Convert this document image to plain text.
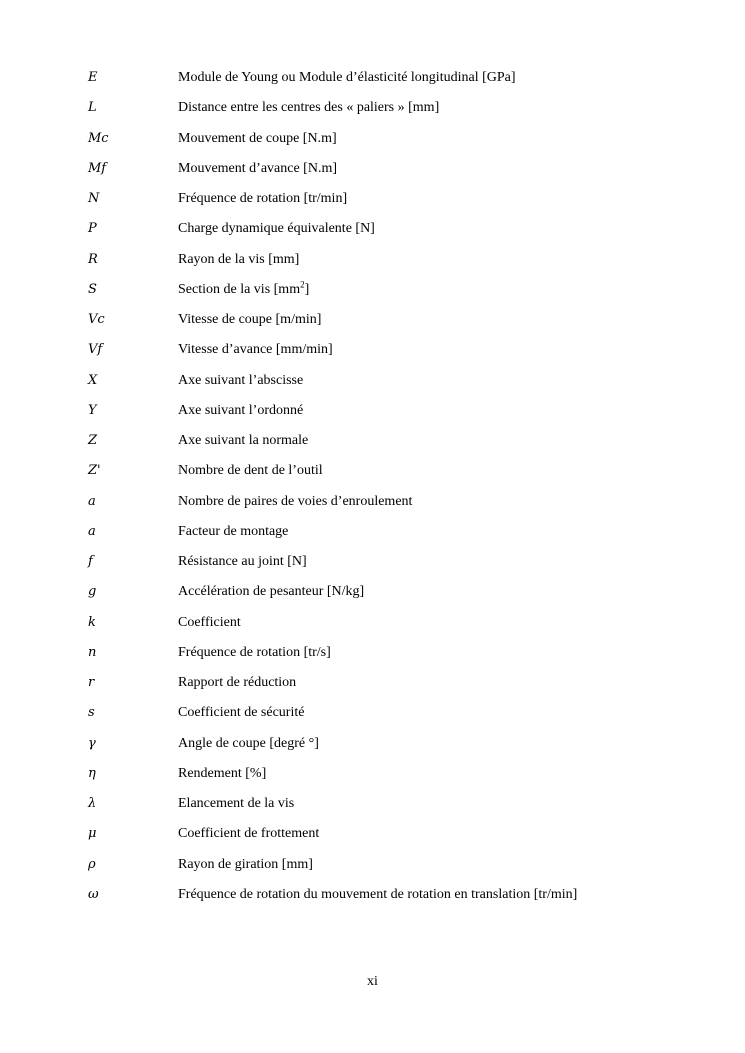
E	Module de Young ou Module d’élasticité longitudinal [GPa]
L	Distance entre les centres des « paliers » [mm]
Mc	Mouvement de coupe [N.m]
Mf	Mouvement d’avance [N.m]
N	Fréquence de rotation [tr/min]
P	Charge dynamique équivalente [N]
R	Rayon de la vis [mm]
S	Section de la vis $[mm^2]$
Vc	Vitesse de coupe [m/min]
Vf	Vitesse d’avance [mm/min]
X	Axe suivant l’abscisse
Y	Axe suivant l’ordonné
Z	Axe suivant la normale
Z'	Nombre de dent de l’outil
a	Nombre de paires de voies d’enroulement
a	Facteur de montage
f	Résistance au joint [N]
g	Accélération de pesanteur [N/kg]
k	Coefficient
n	Fréquence de rotation [tr/s]
r	Rapport de réduction
s	Coefficient de sécurité
γ	Angle de coupe [degré °]
η	Rendement [%]
λ	Elancement de la vis
μ	Coefficient de frottement
ρ	Rayon de giration [mm]
ω	Fréquence de rotation du mouvement de rotation en translation [tr/min]
xi
